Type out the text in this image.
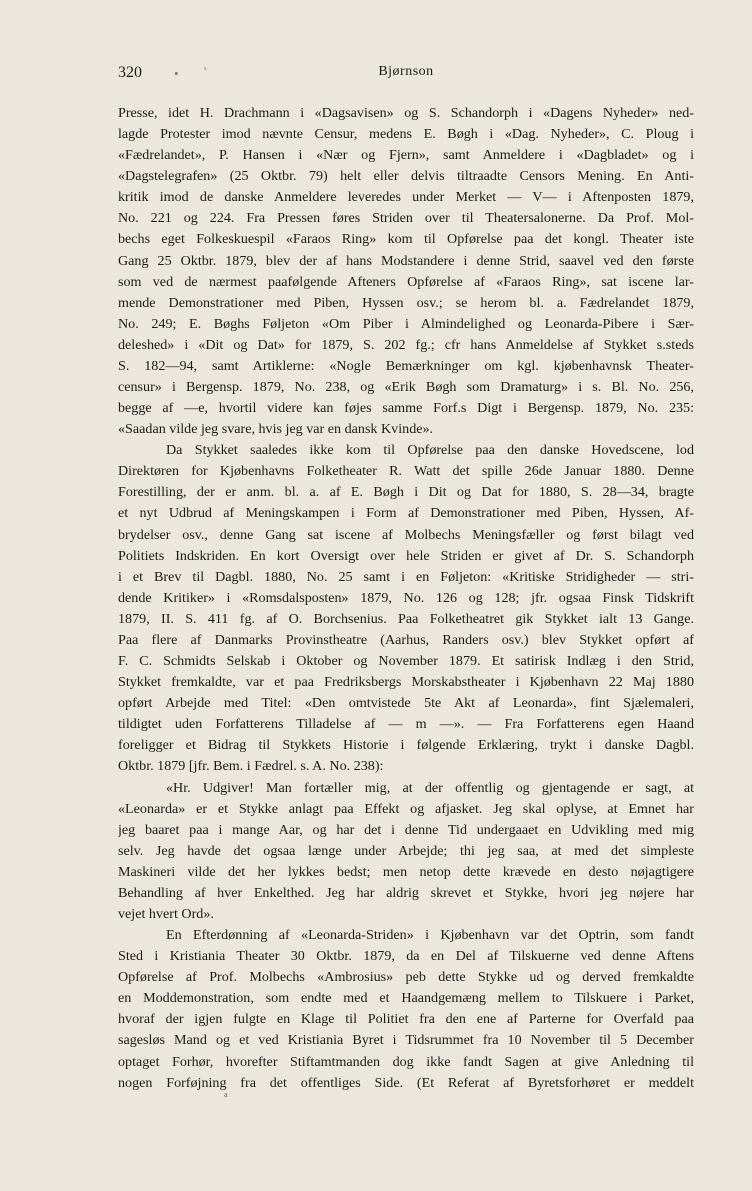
320 • '	Bjørnson
Presse, idet H. Drachmann i «Dagsavisen» og S. Schandorph i «Dagens Nyheder» ned-
lagde Protester imod nævnte Censur, medens E. Bøgh i «Dag. Nyheder», C. Ploug i
«Fædrelandet», P. Hansen i «Nær og Fjern», samt Anmeldere i «Dagbladet» og i
«Dagstelegrafen» (25 Oktbr. 79) helt eller delvis tiltraadte Censors Mening. En Anti-
kritik imod de danske Anmeldere leveredes under Merket — V— i Aftenposten 1879,
No. 221 og 224. Fra Pressen føres Striden over til Theatersalonerne. Da Prof. Mol-
bechs eget Folkeskuespil «Faraos Ring» kom til Opførelse paa det kongl. Theater iste
Gang 25 Oktbr. 1879, blev der af hans Modstandere i denne Strid, saavel ved den første
som ved de nærmest paafølgende Afteners Opførelse af «Faraos Ring», sat iscene lar-
mende Demonstrationer med Piben, Hyssen osv.; se herom bl. a. Fædrelandet 1879,
No. 249; E. Bøghs Føljeton «Om Piber i Almindelighed og Leonarda-Pibere i Sær-
deleshed» i «Dit og Dat» for 1879, S. 202 fg.; cfr hans Anmeldelse af Stykket s.steds
S. 182—94, samt Artiklerne: «Nogle Bemærkninger om kgl. kjøbenhavnsk Theater-
censur» i Bergensp. 1879, No. 238, og «Erik Bøgh som Dramaturg» i s. Bl. No. 256,
begge af —e, hvortil videre kan føjes samme Forf.s Digt i Bergensp. 1879, No. 235:
«Saadan vilde jeg svare, hvis jeg var en dansk Kvinde».
Da Stykket saaledes ikke kom til Opførelse paa den danske Hovedscene, lod
Direktøren for Kjøbenhavns Folketheater R. Watt det spille 26de Januar 1880. Denne
Forestilling, der er anm. bl. a. af E. Bøgh i Dit og Dat for 1880, S. 28—34, bragte
et nyt Udbrud af Meningskampen i Form af Demonstrationer med Piben, Hyssen, Af-
brydelser osv., denne Gang sat iscene af Molbechs Meningsfæller og først bilagt ved
Politiets Indskriden. En kort Oversigt over hele Striden er givet af Dr. S. Schandorph
i et Brev til Dagbl. 1880, No. 25 samt i en Føljeton: «Kritiske Stridigheder — stri-
dende Kritiker» i «Romsdalsposten» 1879, No. 126 og 128; jfr. ogsaa Finsk Tidskrift
1879, II. S. 411 fg. af O. Borchsenius. Paa Folketheatret gik Stykket ialt 13 Gange.
Paa flere af Danmarks Provinstheatre (Aarhus, Randers osv.) blev Stykket opført af
F. C. Schmidts Selskab i Oktober og November 1879. Et satirisk Indlæg i den Strid,
Stykket fremkaldte, var et paa Fredriksbergs Morskabstheater i Kjøbenhavn 22 Maj 1880
opført Arbejde med Titel: «Den omtvistede 5te Akt af Leonarda», fint Sjælemaleri,
tildigtet uden Forfatterens Tilladelse af — m —». — Fra Forfatterens egen Haand
foreligger et Bidrag til Stykkets Historie i følgende Erklæring, trykt i danske Dagbl.
Oktbr. 1879 [jfr. Bem. i Fædrel. s. A. No. 238):
«Hr. Udgiver! Man fortæller mig, at der offentlig og gjentagende er sagt, at
«Leonarda» er et Stykke anlagt paa Effekt og afjasket. Jeg skal oplyse, at Emnet har
jeg baaret paa i mange Aar, og har det i denne Tid undergaaet en Udvikling med mig
selv. Jeg havde det ogsaa længe under Arbejde; thi jeg saa, at med det simpleste
Maskineri vilde det her lykkes bedst; men netop dette krævede en desto nøjagtigere
Behandling af hver Enkelthed. Jeg har aldrig skrevet et Stykke, hvori jeg nøjere har
vejet hvert Ord».
En Efterdønning af «Leonarda-Striden» i Kjøbenhavn var det Optrin, som fandt
Sted i Kristiania Theater 30 Oktbr. 1879, da en Del af Tilskuerne ved denne Aftens
Opførelse af Prof. Molbechs «Ambrosius» peb dette Stykke ud og derved fremkaldte
en Moddemonstration, som endte med et Haandgemæng mellem to Tilskuere i Parket,
hvoraf der igjen fulgte en Klage til Politiet fra den ene af Parterne for Overfald paa
sagesløs Mand og et ved Kristiania Byret i Tidsrummet fra 10 November til 5 December
optaget Forhør, hvorefter Stiftamtmanden dog ikke fandt Sagen at give Anledning til
nogen Forføjning fra det offentliges Side. (Et Referat af Byretsforhøret er meddelt
a
